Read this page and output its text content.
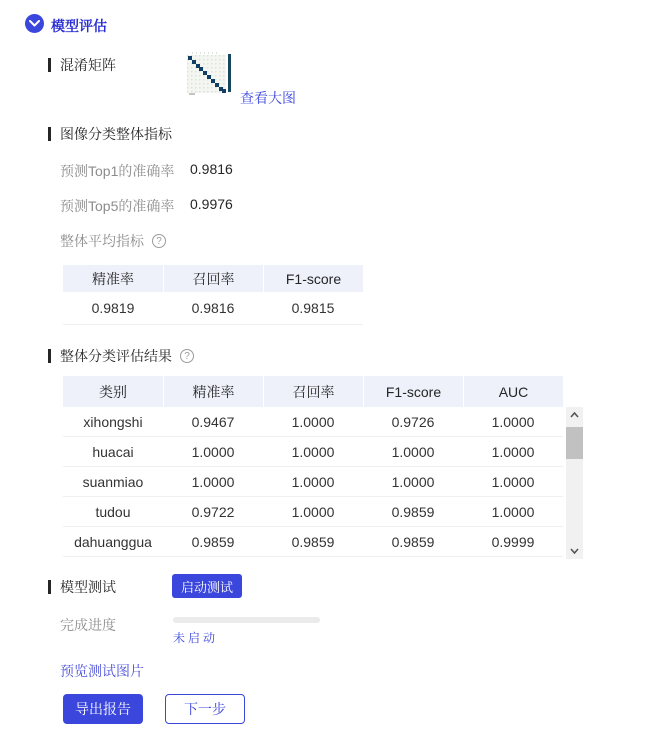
模型评估
混淆矩阵
查看大图
图像分类整体指标
预测Top1的准确率 0.9816
预测Top5的准确率 0.9976
整体平均指标	?
精准率	召回率	F1-score
0.9819	0.9816	0.9815
整体分类评估结果	?
类别	精准率	召回率	F1-score	AUC
xihongshi	0.9467	1.0000	0.9726	1.0000
huacai	1.0000	1.0000	1.0000	1.0000
suanmiao	1.0000	1.0000	1.0000	1.0000
tudou	0.9722	1.0000	0.9859	1.0000
dahuanggua	0.9859	0.9859	0.9859	0.9999
模型测试	启动测试
完成进度
未启动
预览测试图片
导出报告	下一步
